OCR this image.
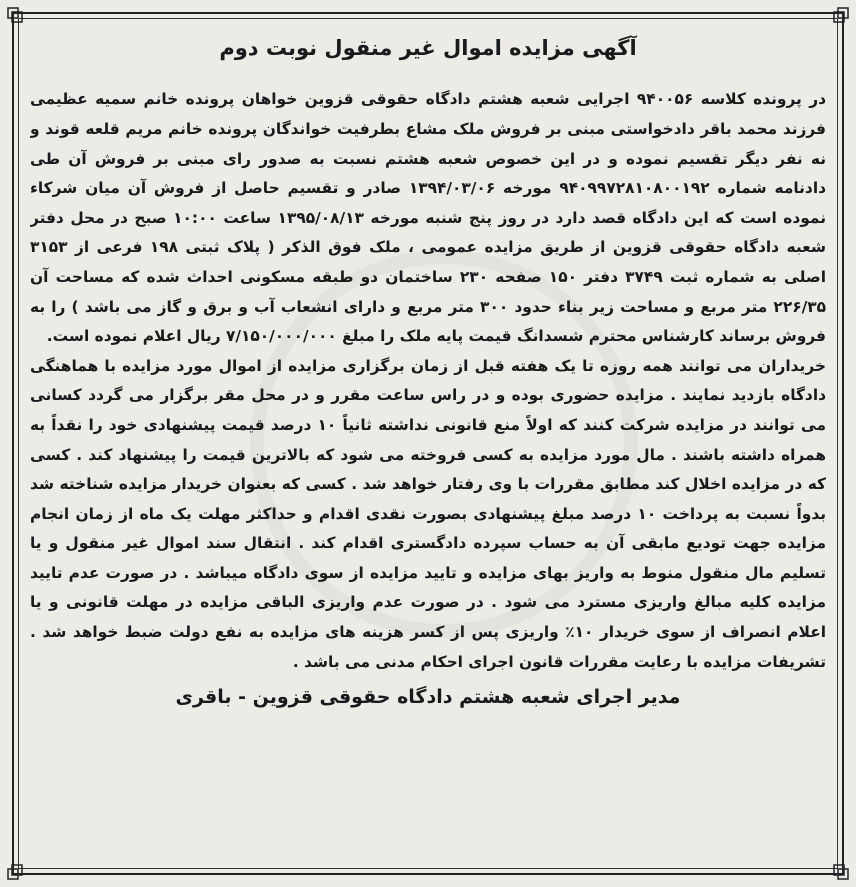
آگهی مزایده اموال غیر منقول نوبت دوم

در پرونده کلاسه ۹۴۰۰۵۶ اجرایی شعبه هشتم دادگاه حقوقی قزوین خواهان پرونده خانم سمیه عظیمی فرزند محمد باقر دادخواستی مبنی بر فروش ملک مشاع بطرفیت خواندگان پرونده خانم مریم قلعه قوند و نه نفر دیگر تقسیم نموده و در این خصوص شعبه هشتم نسبت به صدور رای مبنی بر فروش آن طی دادنامه شماره ۹۴۰۹۹۷۲۸۱۰۸۰۰۱۹۲ مورخه ۱۳۹۴/۰۳/۰۶ صادر و تقسیم حاصل از فروش آن میان شرکاء نموده است که این دادگاه قصد دارد در روز پنج شنبه مورخه ۱۳۹۵/۰۸/۱۳ ساعت ۱۰:۰۰ صبح در محل دفتر شعبه دادگاه حقوقی قزوین از طریق مزایده عمومی ، ملک فوق الذکر ( پلاک ثبتی ۱۹۸ فرعی از ۳۱۵۳ اصلی به شماره ثبت ۳۷۴۹ دفتر ۱۵۰ صفحه ۲۳۰ ساختمان دو طبقه مسکونی احداث شده که مساحت آن ۲۲۶/۳۵ متر مربع و مساحت زیر بناء حدود ۳۰۰ متر مربع و دارای انشعاب آب و برق و گاز می باشد ) را به فروش برساند کارشناس محترم شسدانگ قیمت پایه ملک را مبلغ ۷/۱۵۰/۰۰۰/۰۰۰ ریال اعلام نموده است.

خریداران می توانند همه روزه تا یک هفته قبل از زمان برگزاری مزایده از اموال مورد مزایده با هماهنگی دادگاه بازدید نمایند . مزایده حضوری بوده و در راس ساعت مقرر و در محل مقر برگزار می گردد کسانی می توانند در مزایده شرکت کنند که اولاً منع قانونی نداشته ثانیاً ۱۰ درصد قیمت پیشنهادی خود را نقداً به همراه داشته باشند . مال مورد مزایده به کسی فروخته می شود که بالاترین قیمت را پیشنهاد کند . کسی که در مزایده اخلال کند مطابق مقررات با وی رفتار خواهد شد . کسی که بعنوان خریدار مزایده شناخته شد بدواً نسبت به پرداخت ۱۰ درصد مبلغ پیشنهادی بصورت نقدی اقدام و حداکثر مهلت یک ماه از زمان انجام مزایده جهت تودیع مابقی آن به حساب سپرده دادگستری اقدام کند . انتقال سند اموال غیر منقول و یا تسلیم مال منقول منوط به واریز بهای مزایده و تایید مزایده از سوی دادگاه میباشد . در صورت عدم تایید مزایده کلیه مبالغ واریزی مسترد می شود . در صورت عدم واریزی الباقی مزایده در مهلت قانونی و یا اعلام انصراف از سوی خریدار ۱۰٪ واریزی پس از کسر هزینه های مزایده به نفع دولت ضبط خواهد شد . تشریفات مزایده با رعایت مقررات قانون اجرای احکام مدنی می باشد .

مدیر اجرای شعبه هشتم دادگاه حقوقی قزوین - باقری
